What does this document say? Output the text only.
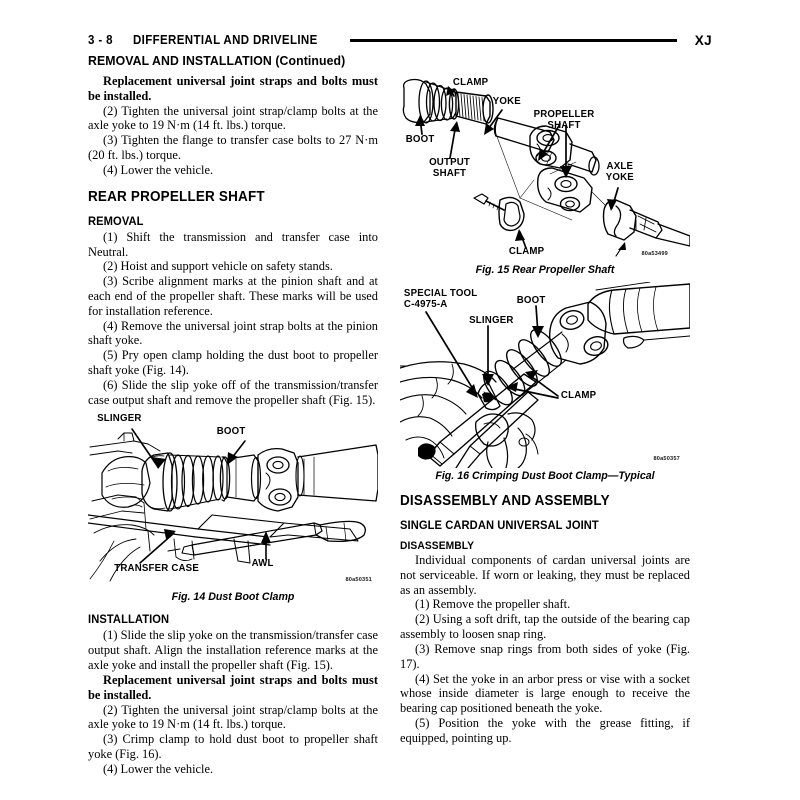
3 - 8 DIFFERENTIAL AND DRIVELINE	XJ
REMOVAL AND INSTALLATION (Continued)

Replacement universal joint straps and bolts must be installed.

(2) Tighten the universal joint strap/clamp bolts at the axle yoke to 19 N·m (14 ft. lbs.) torque.

(3) Tighten the flange to transfer case bolts to 27 N·m (20 ft. lbs.) torque.

(4) Lower the vehicle.

REAR PROPELLER SHAFT
REMOVAL

(1) Shift the transmission and transfer case into Neutral.

(2) Hoist and support vehicle on safety stands.

(3) Scribe alignment marks at the pinion shaft and at each end of the propeller shaft. These marks will be used for installation reference.

(4) Remove the universal joint strap bolts at the pinion shaft yoke.

(5) Pry open clamp holding the dust boot to propeller shaft yoke (Fig. 14).

(6) Slide the slip yoke off of the transmission/transfer case output shaft and remove the propeller shaft (Fig. 15).

SLINGER
BOOT
TRANSFER CASE	AWL
80a50351
Fig. 14 Dust Boot Clamp
INSTALLATION

(1) Slide the slip yoke on the transmission/transfer case output shaft. Align the installation reference marks at the axle yoke and install the propeller shaft (Fig. 15).

Replacement universal joint straps and bolts must be installed.

(2) Tighten the universal joint strap/clamp bolts at the axle yoke to 19 N·m (14 ft. lbs.) torque.

(3) Crimp clamp to hold dust boot to propeller shaft yoke (Fig. 16).

(4) Lower the vehicle.

CLAMP
YOKE
PROPELLER
SHAFT
AXLE
YOKE
BOOT
OUTPUT
SHAFT
CLAMP	80a53499
Fig. 15 Rear Propeller Shaft
SPECIAL TOOL
C-4975-A
SLINGER
BOOT
CLAMP
80a50357
Fig. 16 Crimping Dust Boot Clamp—Typical
DISASSEMBLY AND ASSEMBLY
SINGLE CARDAN UNIVERSAL JOINT
DISASSEMBLY

Individual components of cardan universal joints are not serviceable. If worn or leaking, they must be replaced as an assembly.

(1) Remove the propeller shaft.

(2) Using a soft drift, tap the outside of the bearing cap assembly to loosen snap ring.

(3) Remove snap rings from both sides of yoke (Fig. 17).

(4) Set the yoke in an arbor press or vise with a socket whose inside diameter is large enough to receive the bearing cap positioned beneath the yoke.

(5) Position the yoke with the grease fitting, if equipped, pointing up.
